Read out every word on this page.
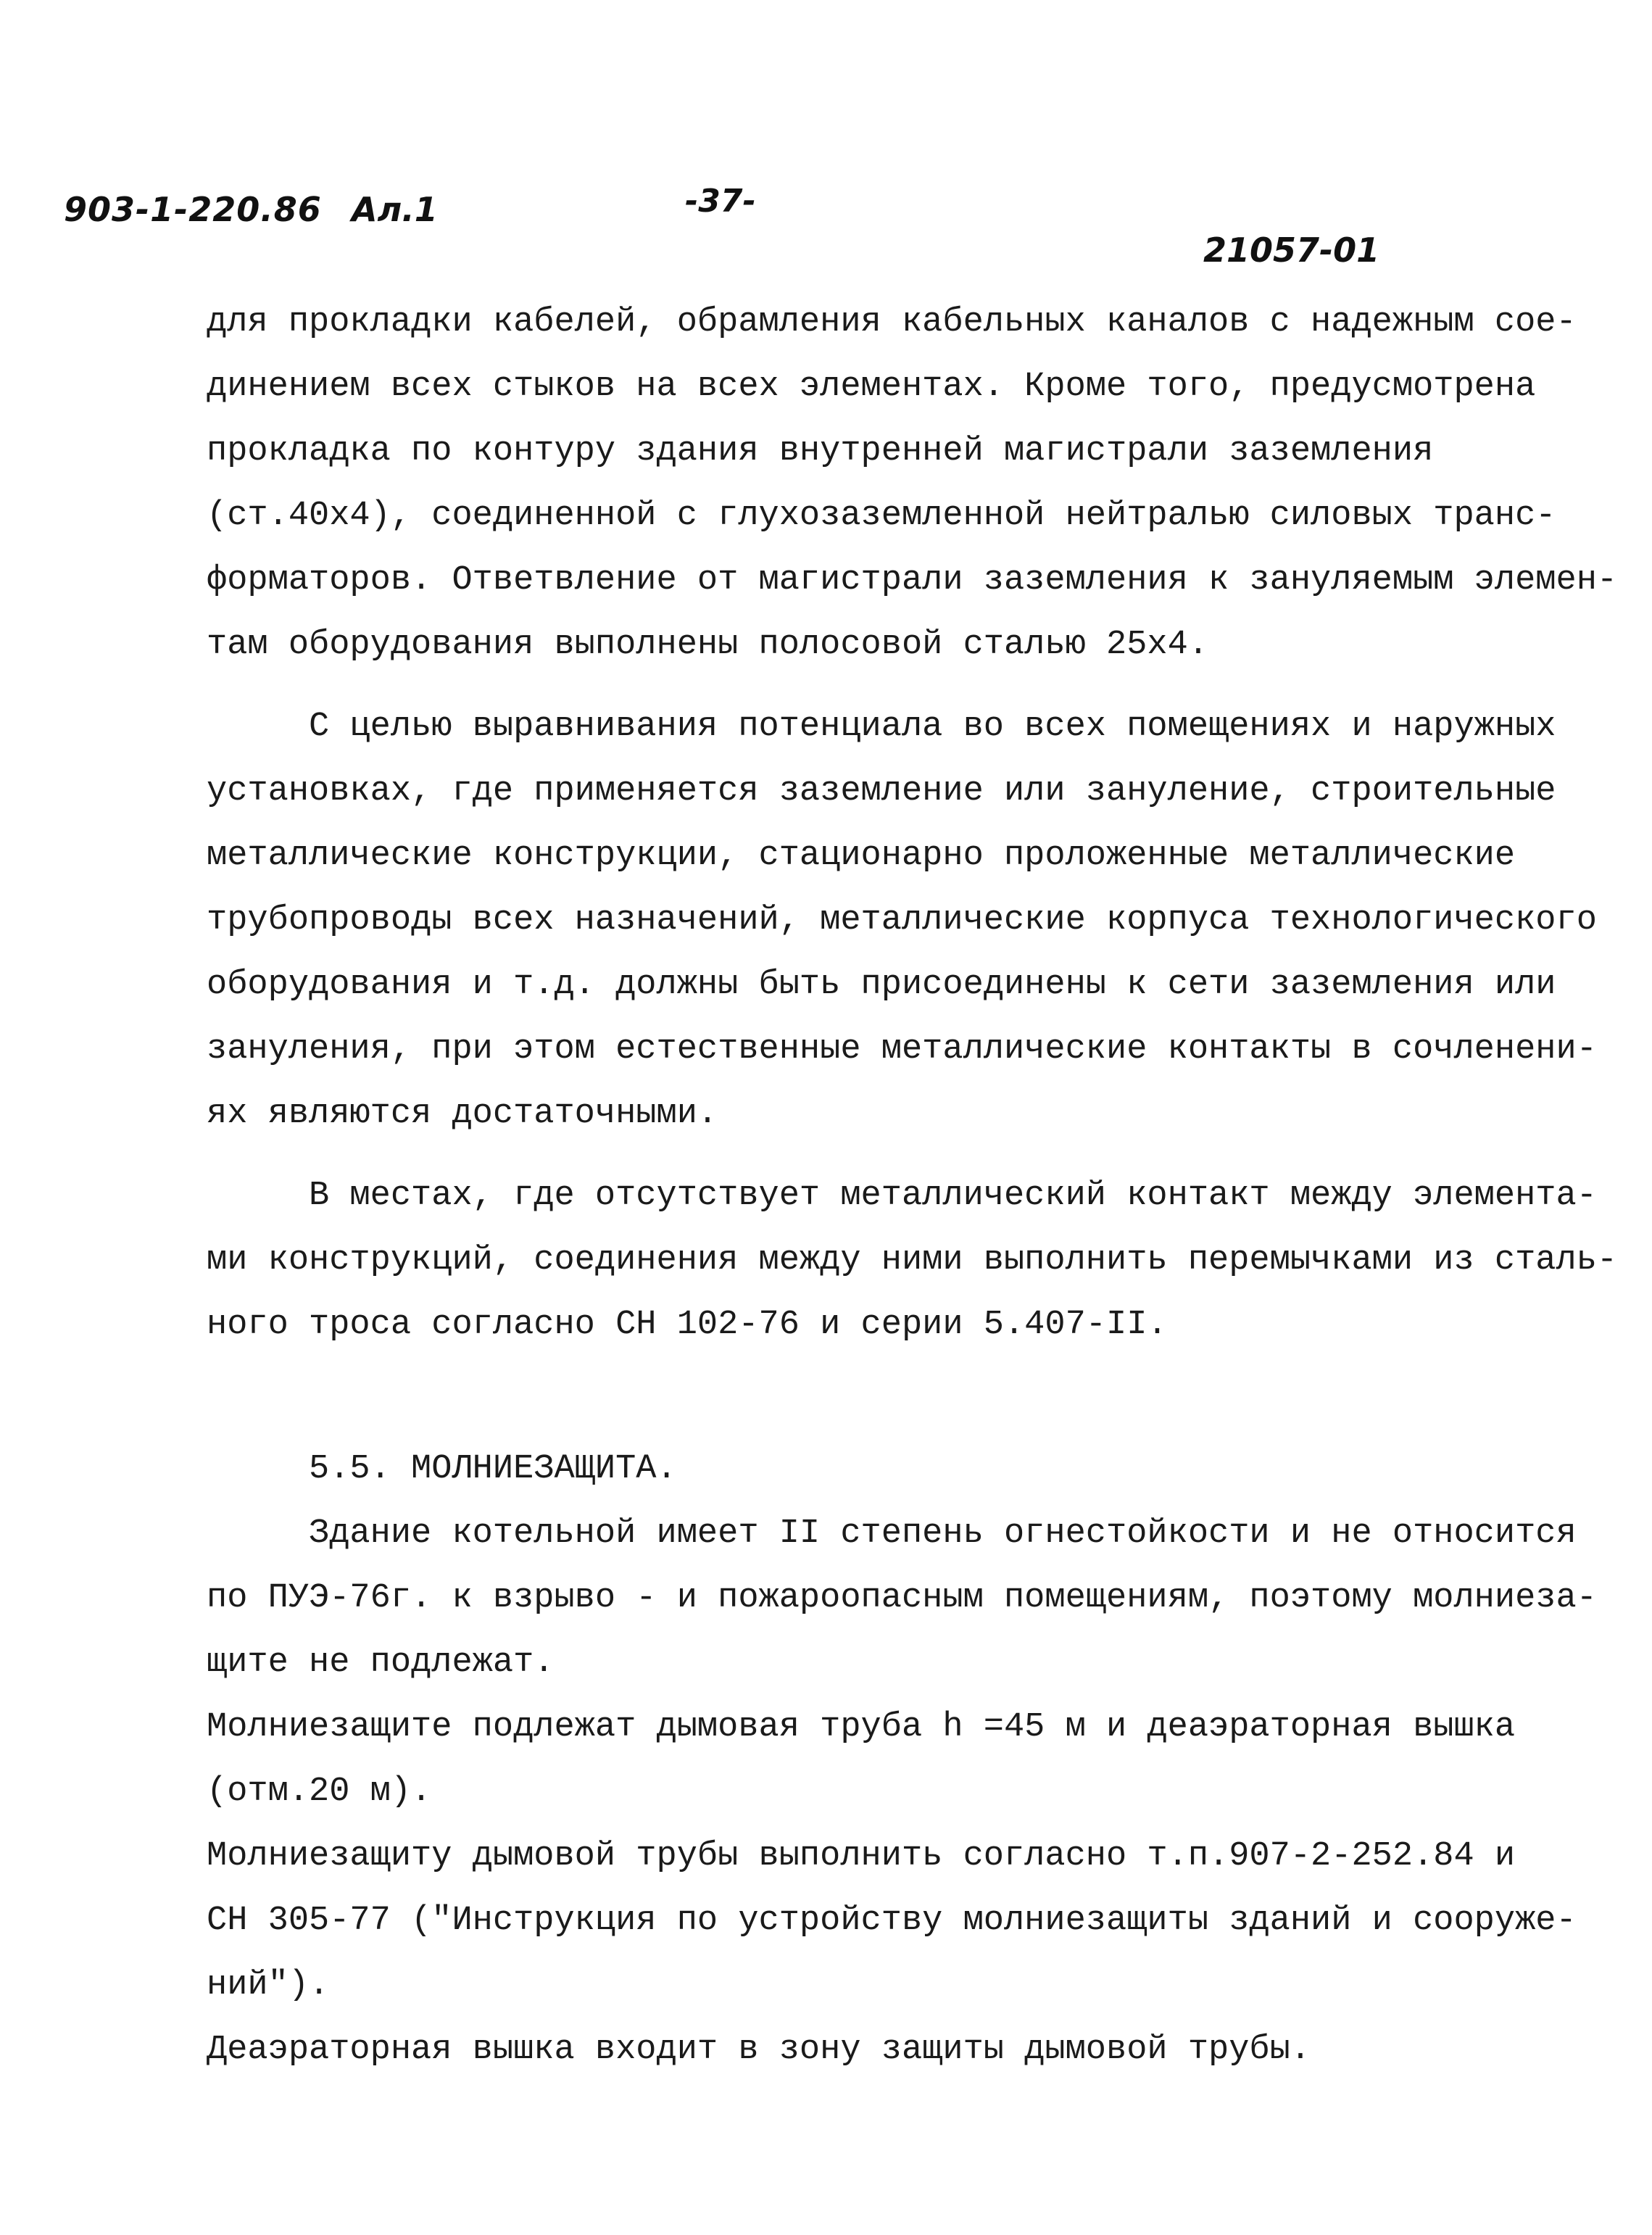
903-1-220.86 Ал.1	-37-
21057-01
для прокладки кабелей, обрамления кабельных каналов с надежным сое-
динением всех стыков на всех элементах. Кроме того, предусмотрена
прокладка по контуру здания внутренней магистрали заземления
(ст.40х4), соединенной с глухозаземленной нейтралью силовых транс-
форматоров. Ответвление от магистрали заземления к зануляемым элемен-
там оборудования выполнены полосовой сталью 25х4.
С целью выравнивания потенциала во всех помещениях и наружных
установках, где применяется заземление или зануление, строительные
металлические конструкции, стационарно проложенные металлические
трубопроводы всех назначений, металлические корпуса технологического
оборудования и т.д. должны быть присоединены к сети заземления или
зануления, при этом естественные металлические контакты в сочленени-
ях являются достаточными.
В местах, где отсутствует металлический контакт между элемента-
ми конструкций, соединения между ними выполнить перемычками из сталь-
ного троса согласно СН 102-76 и серии 5.407-II.
5.5. МОЛНИЕЗАЩИТА.
Здание котельной имеет II степень огнестойкости и не относится
по ПУЭ-76г. к взрыво - и пожароопасным помещениям, поэтому молниеза-
щите не подлежат.
Молниезащите подлежат дымовая труба h =45 м и деаэраторная вышка
(отм.20 м).
Молниезащиту дымовой трубы выполнить согласно т.п.907-2-252.84 и
СН 305-77 ("Инструкция по устройству молниезащиты зданий и сооруже-
ний").
Деаэраторная вышка входит в зону защиты дымовой трубы.
